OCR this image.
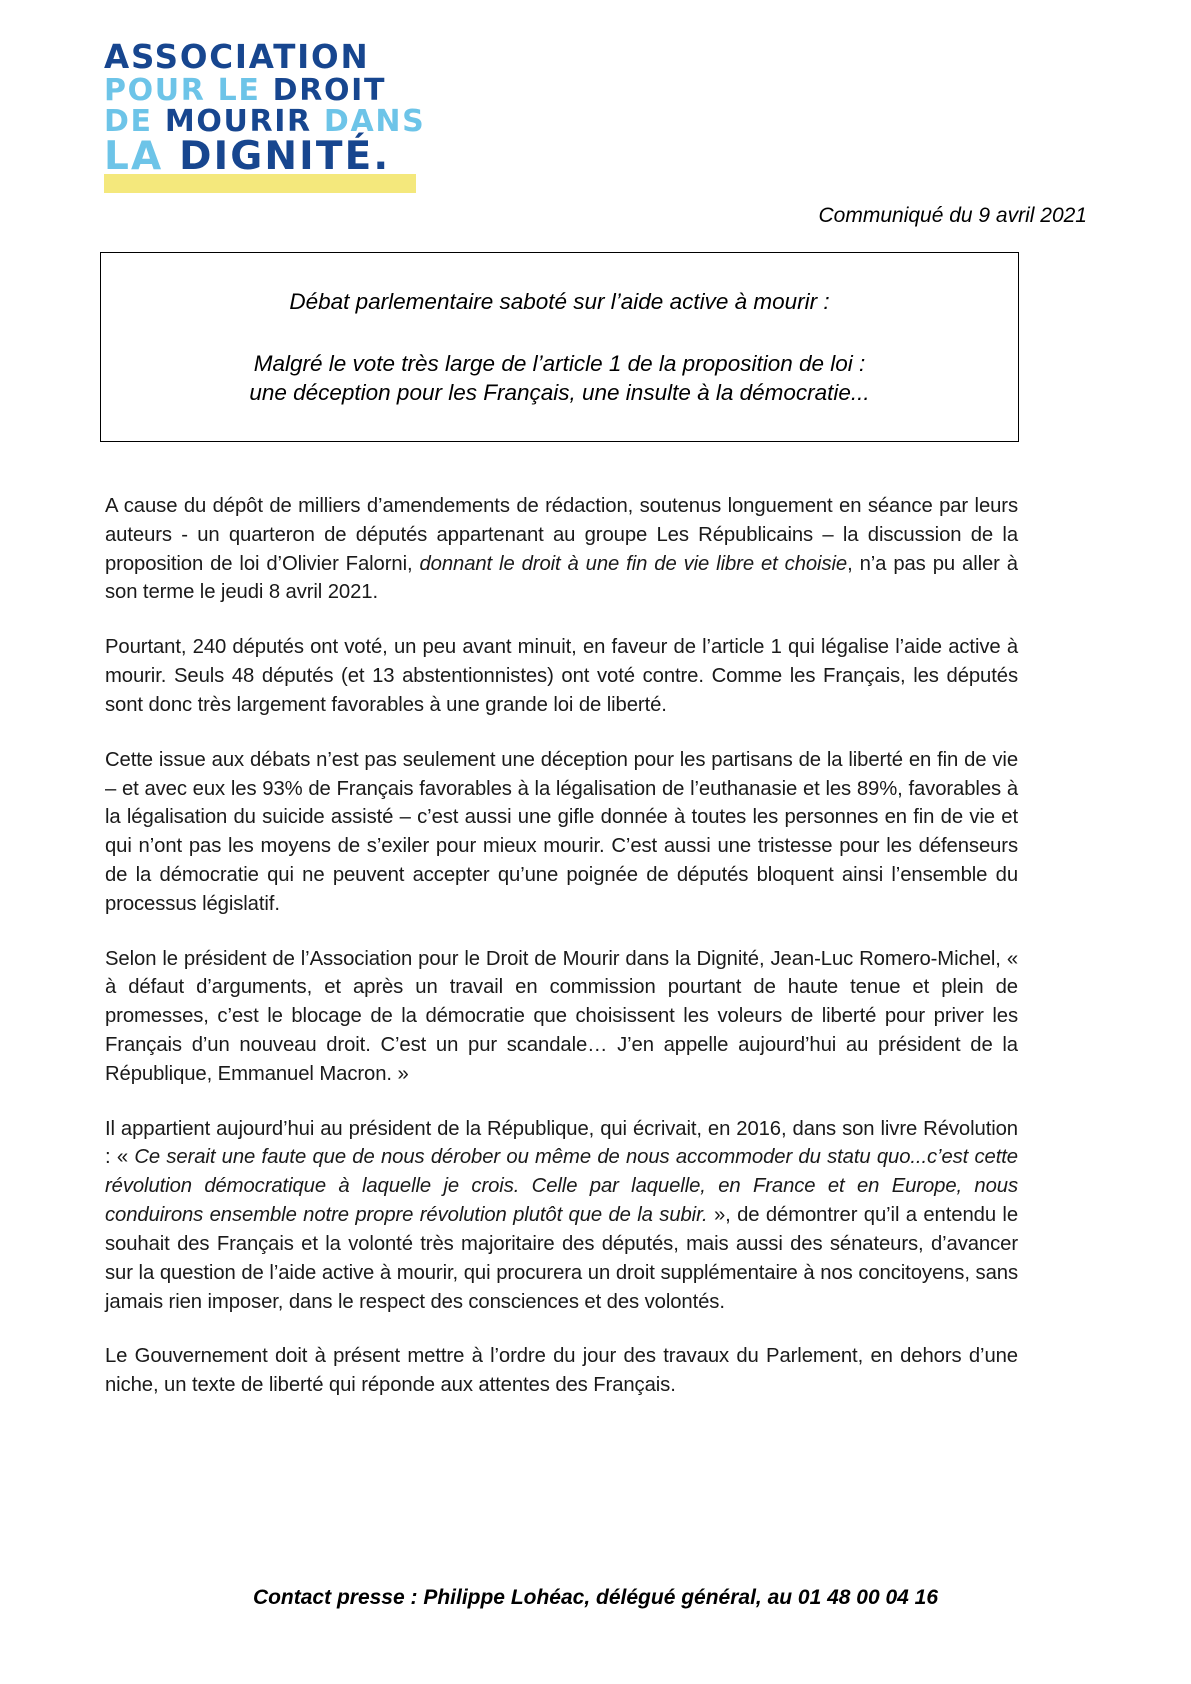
ASSOCIATION
POUR LE DROIT
DE MOURIR DANS
LA DIGNITÉ.
Communiqué du 9 avril 2021
Débat parlementaire saboté sur l’aide active à mourir :
Malgré le vote très large de l’article 1 de la proposition de loi :
une déception pour les Français, une insulte à la démocratie...

A cause du dépôt de milliers d’amendements de rédaction, soutenus longuement en séance par leurs auteurs - un quarteron de députés appartenant au groupe Les Républicains – la discussion de la proposition de loi d’Olivier Falorni, donnant le droit à une fin de vie libre et choisie, n’a pas pu aller à son terme le jeudi 8 avril 2021.

Pourtant, 240 députés ont voté, un peu avant minuit, en faveur de l’article 1 qui légalise l’aide active à mourir. Seuls 48 députés (et 13 abstentionnistes) ont voté contre. Comme les Français, les députés sont donc très largement favorables à une grande loi de liberté.

Cette issue aux débats n’est pas seulement une déception pour les partisans de la liberté en fin de vie – et avec eux les 93% de Français favorables à la légalisation de l’euthanasie et les 89%, favorables à la légalisation du suicide assisté – c’est aussi une gifle donnée à toutes les personnes en fin de vie et qui n’ont pas les moyens de s’exiler pour mieux mourir. C’est aussi une tristesse pour les défenseurs de la démocratie qui ne peuvent accepter qu’une poignée de députés bloquent ainsi l’ensemble du processus législatif.

Selon le président de l’Association pour le Droit de Mourir dans la Dignité, Jean-Luc Romero-Michel, « à défaut d’arguments, et après un travail en commission pourtant de haute tenue et plein de promesses, c’est le blocage de la démocratie que choisissent les voleurs de liberté pour priver les Français d’un nouveau droit. C’est un pur scandale… J’en appelle aujourd’hui au président de la République, Emmanuel Macron. »

Il appartient aujourd’hui au président de la République, qui écrivait, en 2016, dans son livre Révolution : « Ce serait une faute que de nous dérober ou même de nous accommoder du statu quo...c’est cette révolution démocratique à laquelle je crois. Celle par laquelle, en France et en Europe, nous conduirons ensemble notre propre révolution plutôt que de la subir. », de démontrer qu’il a entendu le souhait des Français et la volonté très majoritaire des députés, mais aussi des sénateurs, d’avancer sur la question de l’aide active à mourir, qui procurera un droit supplémentaire à nos concitoyens, sans jamais rien imposer, dans le respect des consciences et des volontés.

Le Gouvernement doit à présent mettre à l’ordre du jour des travaux du Parlement, en dehors d’une niche, un texte de liberté qui réponde aux attentes des Français.

Contact presse : Philippe Lohéac, délégué général, au 01 48 00 04 16
